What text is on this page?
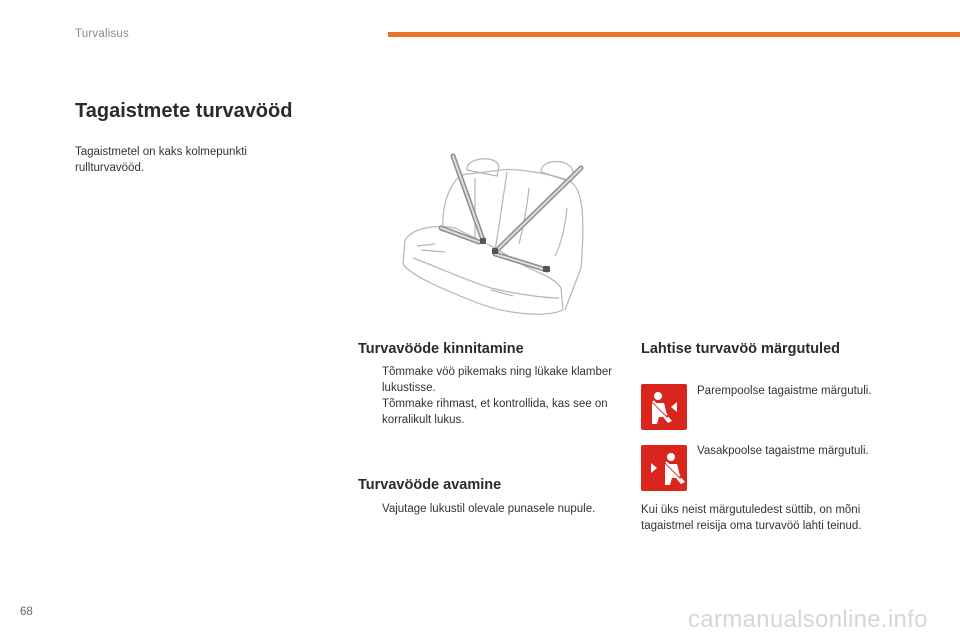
Turvalisus
Tagaistmete turvavööd
Tagaistmetel on kaks kolmepunkti rullturvavööd.
Turvavööde kinnitamine

Tõmmake vöö pikemaks ning lükake klamber lukustisse.

Tõmmake rihmast, et kontrollida, kas see on korralikult lukus.

Turvavööde avamine

Vajutage lukustil olevale punasele nupule.

Lahtise turvavöö märgutuled
Parempoolse tagaistme märgutuli.
Vasakpoolse tagaistme märgutuli.
Kui üks neist märgutuledest süttib, on mõni tagaistmel reisija oma turvavöö lahti teinud.
68	carmanualsonline.info
